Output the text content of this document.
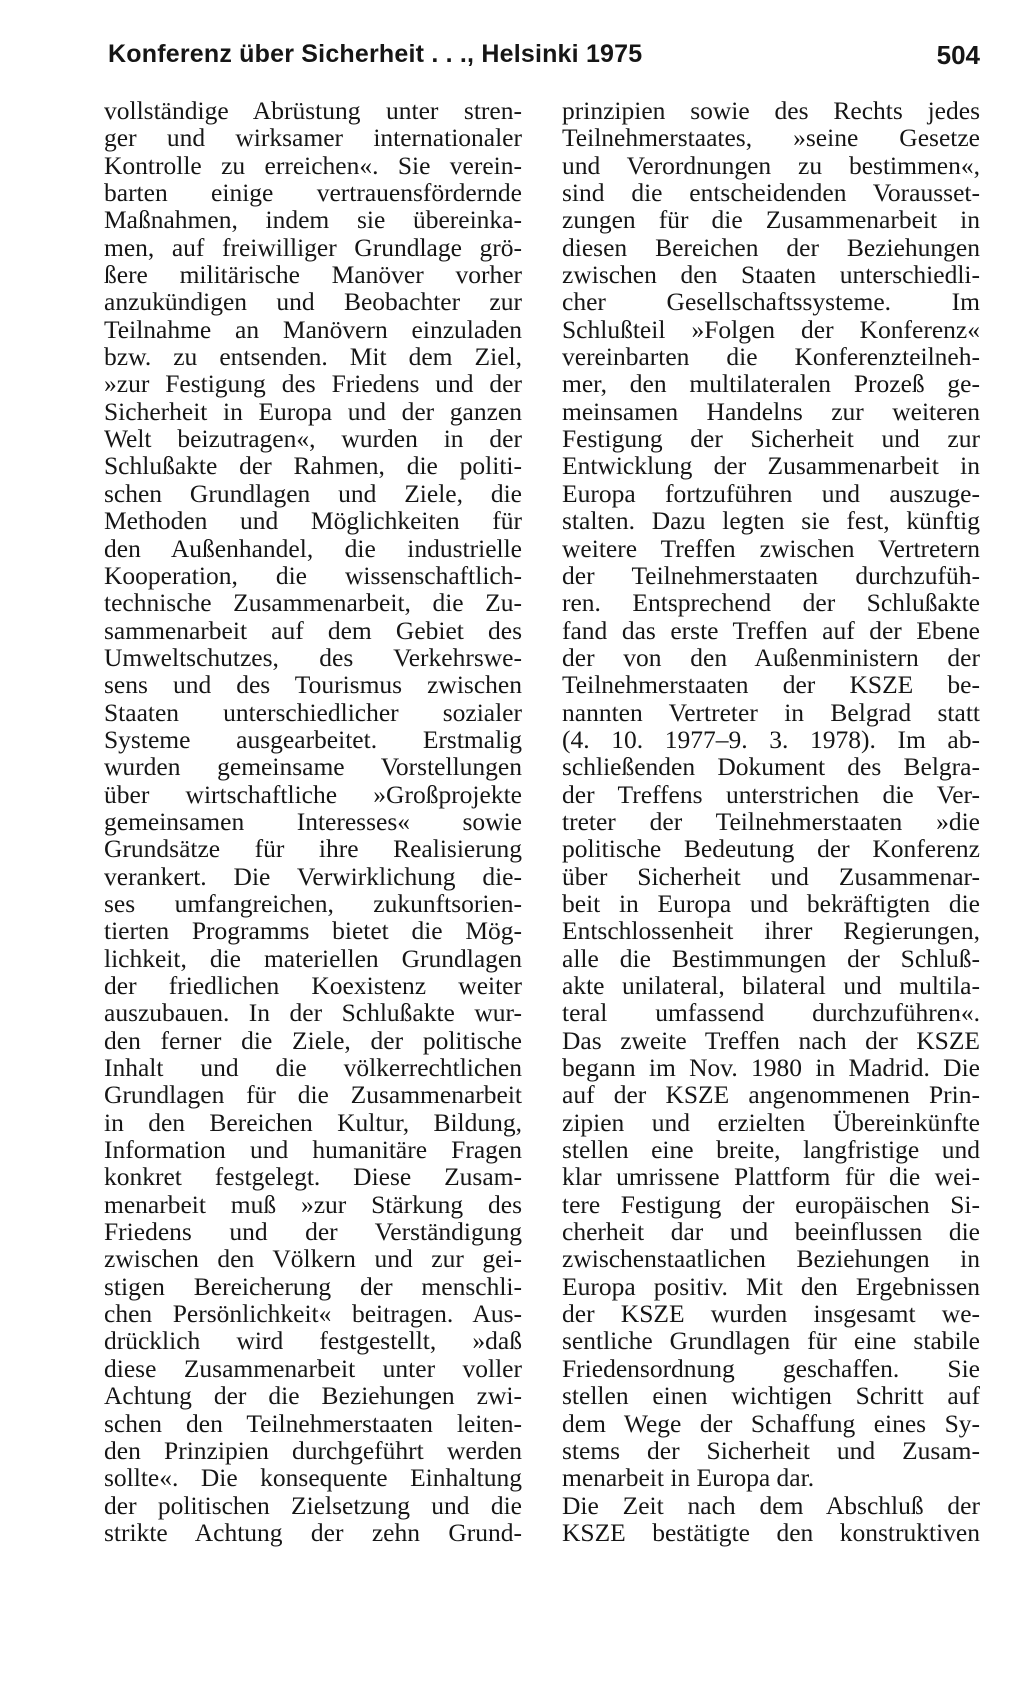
Konferenz über Sicherheit . . ., Helsinki 1975	504
vollständige Abrüstung unter stren-
ger und wirksamer internationaler
Kontrolle zu erreichen«. Sie verein-
barten einige vertrauensfördernde
Maßnahmen, indem sie übereinka-
men, auf freiwilliger Grundlage grö-
ßere militärische Manöver vorher
anzukündigen und Beobachter zur
Teilnahme an Manövern einzuladen
bzw. zu entsenden. Mit dem Ziel,
»zur Festigung des Friedens und der
Sicherheit in Europa und der ganzen
Welt beizutragen«, wurden in der
Schlußakte der Rahmen, die politi-
schen Grundlagen und Ziele, die
Methoden und Möglichkeiten für
den Außenhandel, die industrielle
Kooperation, die wissenschaftlich-
technische Zusammenarbeit, die Zu-
sammenarbeit auf dem Gebiet des
Umweltschutzes, des Verkehrswe-
sens und des Tourismus zwischen
Staaten unterschiedlicher sozialer
Systeme ausgearbeitet. Erstmalig
wurden gemeinsame Vorstellungen
über wirtschaftliche »Großprojekte
gemeinsamen Interesses« sowie
Grundsätze für ihre Realisierung
verankert. Die Verwirklichung die-
ses umfangreichen, zukunftsorien-
tierten Programms bietet die Mög-
lichkeit, die materiellen Grundlagen
der friedlichen Koexistenz weiter
auszubauen. In der Schlußakte wur-
den ferner die Ziele, der politische
Inhalt und die völkerrechtlichen
Grundlagen für die Zusammenarbeit
in den Bereichen Kultur, Bildung,
Information und humanitäre Fragen
konkret festgelegt. Diese Zusam-
menarbeit muß »zur Stärkung des
Friedens und der Verständigung
zwischen den Völkern und zur gei-
stigen Bereicherung der menschli-
chen Persönlichkeit« beitragen. Aus-
drücklich wird festgestellt, »daß
diese Zusammenarbeit unter voller
Achtung der die Beziehungen zwi-
schen den Teilnehmerstaaten leiten-
den Prinzipien durchgeführt werden
sollte«. Die konsequente Einhaltung
der politischen Zielsetzung und die
strikte Achtung der zehn Grund-
prinzipien sowie des Rechts jedes
Teilnehmerstaates, »seine Gesetze
und Verordnungen zu bestimmen«,
sind die entscheidenden Vorausset-
zungen für die Zusammenarbeit in
diesen Bereichen der Beziehungen
zwischen den Staaten unterschiedli-
cher Gesellschaftssysteme. Im
Schlußteil »Folgen der Konferenz«
vereinbarten die Konferenzteilneh-
mer, den multilateralen Prozeß ge-
meinsamen Handelns zur weiteren
Festigung der Sicherheit und zur
Entwicklung der Zusammenarbeit in
Europa fortzuführen und auszuge-
stalten. Dazu legten sie fest, künftig
weitere Treffen zwischen Vertretern
der Teilnehmerstaaten durchzufüh-
ren. Entsprechend der Schlußakte
fand das erste Treffen auf der Ebene
der von den Außenministern der
Teilnehmerstaaten der KSZE be-
nannten Vertreter in Belgrad statt
(4. 10. 1977–9. 3. 1978). Im ab-
schließenden Dokument des Belgra-
der Treffens unterstrichen die Ver-
treter der Teilnehmerstaaten »die
politische Bedeutung der Konferenz
über Sicherheit und Zusammenar-
beit in Europa und bekräftigten die
Entschlossenheit ihrer Regierungen,
alle die Bestimmungen der Schluß-
akte unilateral, bilateral und multila-
teral umfassend durchzuführen«.
Das zweite Treffen nach der KSZE
begann im Nov. 1980 in Madrid. Die
auf der KSZE angenommenen Prin-
zipien und erzielten Übereinkünfte
stellen eine breite, langfristige und
klar umrissene Plattform für die wei-
tere Festigung der europäischen Si-
cherheit dar und beeinflussen die
zwischenstaatlichen Beziehungen in
Europa positiv. Mit den Ergebnissen
der KSZE wurden insgesamt we-
sentliche Grundlagen für eine stabile
Friedensordnung geschaffen. Sie
stellen einen wichtigen Schritt auf
dem Wege der Schaffung eines Sy-
stems der Sicherheit und Zusam-
menarbeit in Europa dar.
Die Zeit nach dem Abschluß der
KSZE bestätigte den konstruktiven
